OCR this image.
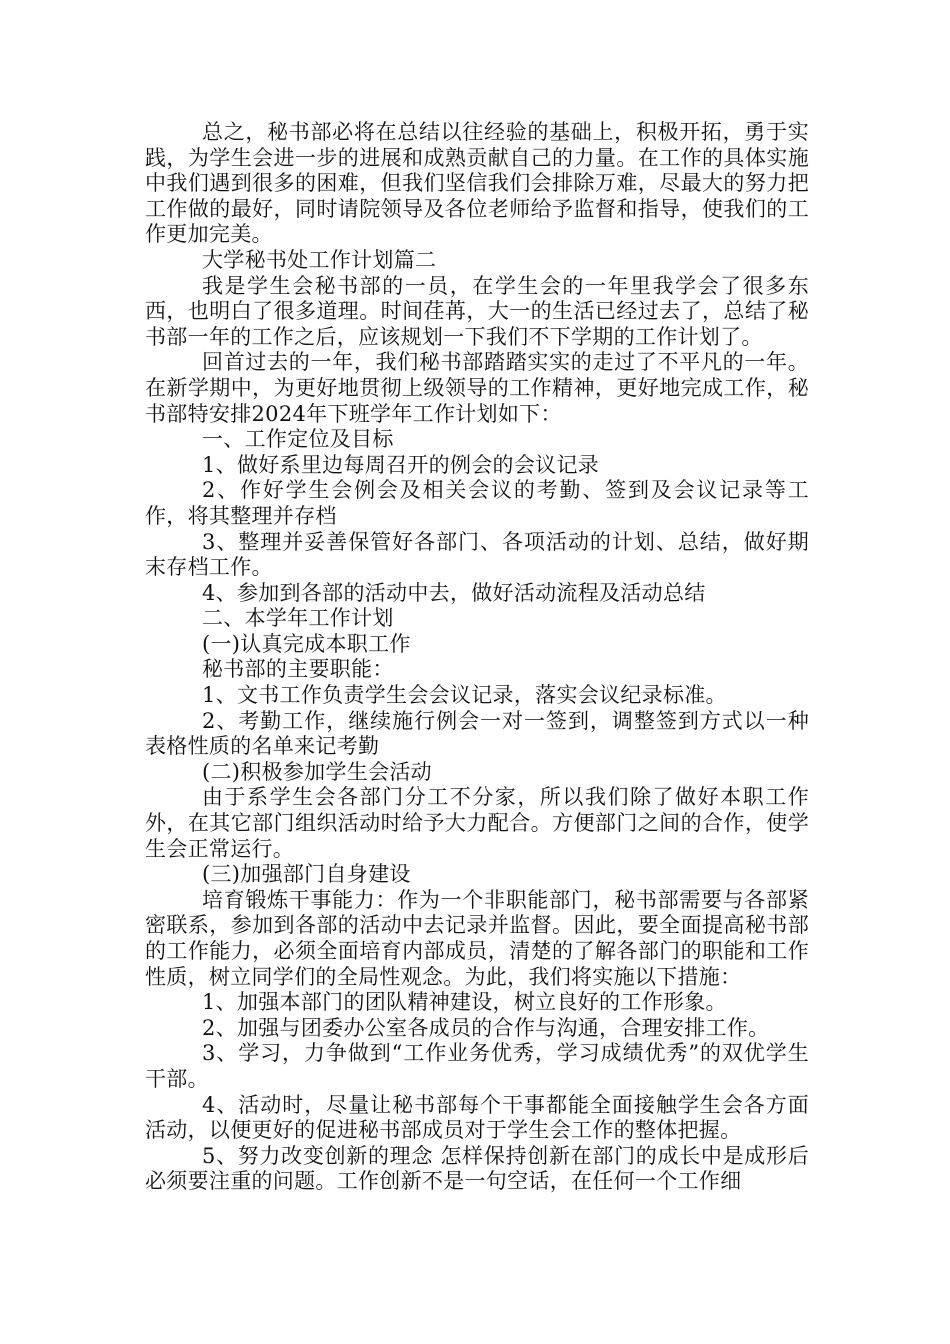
总之，秘书部必将在总结以往经验的基础上，积极开拓，勇于实践，为学生会进一步的进展和成熟贡献自己的力量。在工作的具体实施中我们遇到很多的困难，但我们坚信我们会排除万难，尽最大的努力把工作做的最好，同时请院领导及各位老师给予监督和指导，使我们的工作更加完美。

大学秘书处工作计划篇二

我是学生会秘书部的一员，在学生会的一年里我学会了很多东西，也明白了很多道理。时间荏苒，大一的生活已经过去了，总结了秘书部一年的工作之后，应该规划一下我们不下学期的工作计划了。

回首过去的一年，我们秘书部踏踏实实的走过了不平凡的一年。在新学期中，为更好地贯彻上级领导的工作精神，更好地完成工作，秘书部特安排2024年下班学年工作计划如下：

一、工作定位及目标

1、做好系里边每周召开的例会的会议记录

2、作好学生会例会及相关会议的考勤、签到及会议记录等工作，将其整理并存档

3、整理并妥善保管好各部门、各项活动的计划、总结，做好期末存档工作。

4、参加到各部的活动中去，做好活动流程及活动总结

二、本学年工作计划

(一)认真完成本职工作

秘书部的主要职能：

1、文书工作负责学生会会议记录，落实会议纪录标准。

2、考勤工作，继续施行例会一对一签到，调整签到方式以一种表格性质的名单来记考勤

(二)积极参加学生会活动

由于系学生会各部门分工不分家，所以我们除了做好本职工作外，在其它部门组织活动时给予大力配合。方便部门之间的合作，使学生会正常运行。

(三)加强部门自身建设

培育锻炼干事能力：作为一个非职能部门，秘书部需要与各部紧密联系，参加到各部的活动中去记录并监督。因此，要全面提高秘书部的工作能力，必须全面培育内部成员，清楚的了解各部门的职能和工作性质，树立同学们的全局性观念。为此，我们将实施以下措施：

1、加强本部门的团队精神建设，树立良好的工作形象。

2、加强与团委办公室各成员的合作与沟通，合理安排工作。

3、学习，力争做到“工作业务优秀，学习成绩优秀”的双优学生干部。

4、活动时，尽量让秘书部每个干事都能全面接触学生会各方面活动，以便更好的促进秘书部成员对于学生会工作的整体把握。

5、努力改变创新的理念 怎样保持创新在部门的成长中是成形后必须要注重的问题。工作创新不是一句空话，在任何一个工作细
